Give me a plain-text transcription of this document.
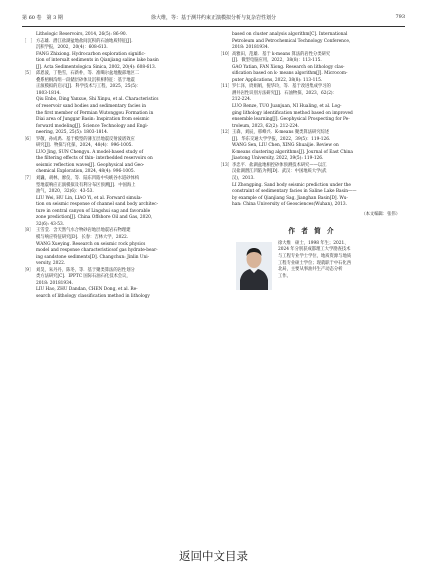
第 60 卷　第 3 期	徐大维，等：基于测井约束正演模拟分析与复杂岩性划分	793
Lithologic Reservoirs, 2014, 26(5): 86-90.
［　］ 方志雄．潜江盐湖盆地盐间沉积的石油地质特征[J]．
沉积学报，2002，20(4)：608-613.
FANG Zhixiong. Hydrocarbon exploration signific-
tion of intersalt sediments in Qianjiang saline lake basin
[J]. Acta Sedimentologica Sinica, 2002, 20(4): 608-613.
［5］ 邱恩波，丁艳雪，石新朴，等．准噶尔盆地腹部地区二
叠系梧桐沟组一段储层砂体及沉积相特征：基于地震
正演模拟的启示[J]．科学技术与工程，2025，25(5)：
1803-1814.
Qiu Enbo, Ding Yanxue, Shi Xinpu, et al. Characteristics
of reservoir sand bodies and sedimentary facies in
the first member of Permian Wutonggou Formation in
Diai area of Junggar Basin: Inspiration from seismic
forward modeling[J]. Science Technology and Engi-
neering, 2025, 25(5): 1803-1814.
［6］ 罗敬，孙成禹．基于模型的薄互层地震反射波谱效应
研究[J]．物探与化探，2024，48(4)：996-1005.
LUO Jing, SUN Chengyu. A model-based study of
the filtering effects of thin- interbedded reservoirs on
seismic reflection waves[J]. Geophysical and Geo-
chemical Exploration, 2024, 48(4): 996-1005.
［7］ 刘巍，胡林，廖仪，等．陆东凹陷中央峡谷水道砂体构
型地震响应正演模拟及有利分布区预测[J]．中国海上
油气，2020，32(6)：43-53.
LIU Wei, HU Lin, LIAO Yi, et al. Forward simula-
tion on seismic response of channel sand body architec-
ture in central canyon of Lingshui sag and favorable
zone prediction[J]. China Offshore Oil and Gas, 2020,
32(6): 43-53.
［8］ 王雪莹．含天然气水合物砂岩地层地震岩石物理建
模与响应特征研究[D]．长春：吉林大学，2022.
WANG Xueying. Research on seismic rock physics
model and response characteristicsof gas hydrate-bear-
ing sandstone sediments[D]. Changchun: Jinlin Uni-
versity, 2022.
［9］ 刘昊，朱丹丹，陈冬，等．基于聚类算法的岩性划分
类方法研究[C]．IPPTC 国际石油石化技术会议，
2018: 20181934.
LIU Hao, ZHU Dandan, CHEN Dong, et al. Re-
search of lithology classification method in lithology
based on cluster analysis algorithm[C]. International
Petroleum and Petrochemical Technology Conference,
2018: 20181934.
［10］ 高雅田，范雄．基于 k-means 算法的岩性分类研究
[J]．微型电脑应用，2022，38(8)：113-115.
GAO Yatian, FAN Xiong. Research on lithology clas-
sification based on k- means algorithm[J]. Microcom-
puter Applications, 2022, 38(8): 113-115.
［11］ 罗仁泽，庹娟娟，倪华玲，等．基于改进集成学习的
测井岩性识别方法研究[J]．石油物探，2023，62(2)：
212-224.
LUO Renze, TUO Juanjuan, NI Hualing, et al. Log-
ging lithology identification method based on improved
ensemble learning[J]. Geophysical Prospecting for Pe-
troleum, 2023, 62(2): 212-224.
［12］ 王森，刘辰，邢峰兴．K-means 聚类算法研究综述
[J]．华东交通大学学报，2022，39(5)：119-126.
WANG Sen, LIU Chen, XING Shuaijie. Review on
K-means clustering algorithms[J]. Journal of East China
Jiaotong University, 2022, 39(5): 119-126.
［13］ 李忠平．盐湖盆地相控砂体预测技术研究——以江
汉盐湖潜江凹陷为例[D]．武汉：中国地质大学(武
汉)，2013.
LI Zhongping. Sand body seismic prediction under the
constraint of sedimentary facies in Saline Lake Basin——
by example of Qianjiang Sag, Jianghan Basin[D]. Wu-
han: China University of Geosciences(Wuhan), 2013.
（本文编辑：张伟）
作 者 简 介
徐大维　硕士，1998 年生；2021、
2024 年分别获成都理工大学勘查技术
与工程专业学士学位，地质资源与地质
工程专业硕士学位；现就职于中石化西
北局，主要从事油井生产动态分析
工作。
返回中文目录
